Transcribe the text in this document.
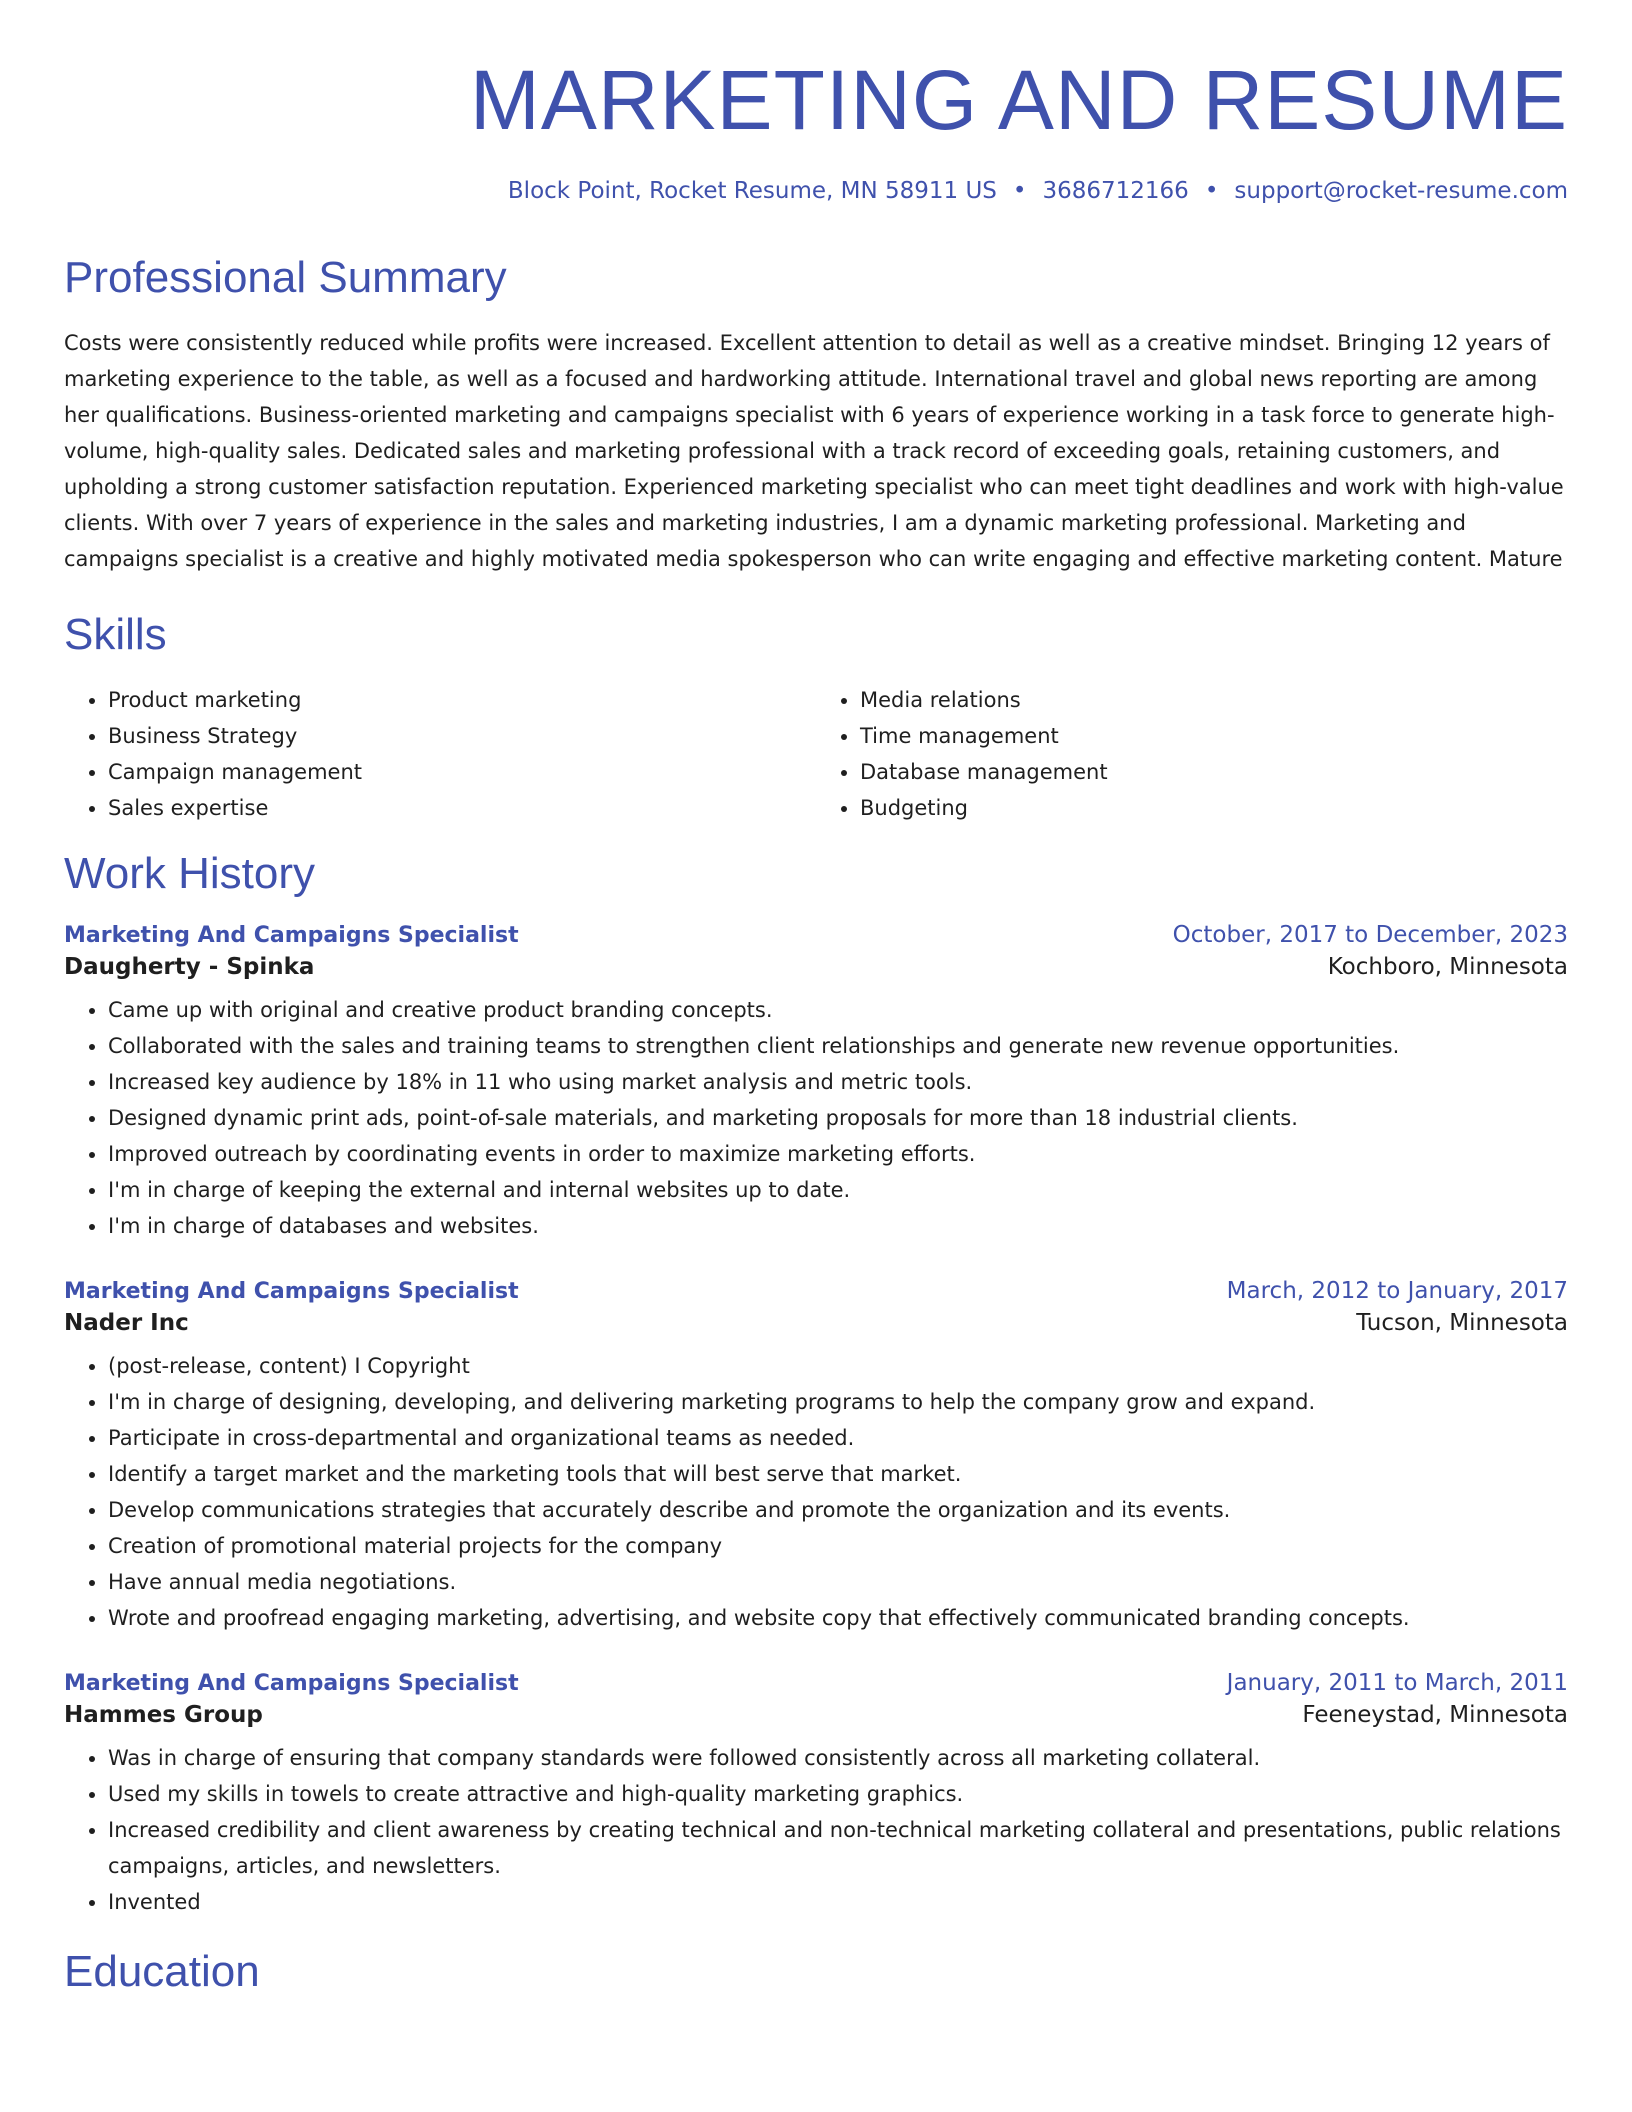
MARKETING AND RESUME
Block Point, Rocket Resume, MN 58911 US • 3686712166 • support@rocket-resume.com
Professional Summary

Costs were consistently reduced while profits were increased. Excellent attention to detail as well as a creative mindset. Bringing 12 years of marketing experience to the table, as well as a focused and hardworking attitude. International travel and global news reporting are among her qualifications. Business-oriented marketing and campaigns specialist with 6 years of experience working in a task force to generate high-volume, high-quality sales. Dedicated sales and marketing professional with a track record of exceeding goals, retaining customers, and upholding a strong customer satisfaction reputation. Experienced marketing specialist who can meet tight deadlines and work with high-value clients. With over 7 years of experience in the sales and marketing industries, I am a dynamic marketing professional. Marketing and campaigns specialist is a creative and highly motivated media spokesperson who can write engaging and effective marketing content. Mature

Skills
• Product marketing
• Business Strategy
• Campaign management
• Sales expertise
• Media relations
• Time management
• Database management
• Budgeting
Work History
Marketing And Campaigns Specialist	October, 2017 to December, 2023
Daugherty - Spinka	Kochboro, Minnesota
• Came up with original and creative product branding concepts.
• Collaborated with the sales and training teams to strengthen client relationships and generate new revenue opportunities.
• Increased key audience by 18% in 11 who using market analysis and metric tools.
• Designed dynamic print ads, point-of-sale materials, and marketing proposals for more than 18 industrial clients.
• Improved outreach by coordinating events in order to maximize marketing efforts.
• I'm in charge of keeping the external and internal websites up to date.
• I'm in charge of databases and websites.
Marketing And Campaigns Specialist	March, 2012 to January, 2017
Nader Inc	Tucson, Minnesota
• (post-release, content) I Copyright
• I'm in charge of designing, developing, and delivering marketing programs to help the company grow and expand.
• Participate in cross-departmental and organizational teams as needed.
• Identify a target market and the marketing tools that will best serve that market.
• Develop communications strategies that accurately describe and promote the organization and its events.
• Creation of promotional material projects for the company
• Have annual media negotiations.
• Wrote and proofread engaging marketing, advertising, and website copy that effectively communicated branding concepts.
Marketing And Campaigns Specialist	January, 2011 to March, 2011
Hammes Group	Feeneystad, Minnesota
• Was in charge of ensuring that company standards were followed consistently across all marketing collateral.
• Used my skills in towels to create attractive and high-quality marketing graphics.
• Increased credibility and client awareness by creating technical and non-technical marketing collateral and presentations, public relations campaigns, articles, and newsletters.
• Invented
Education
